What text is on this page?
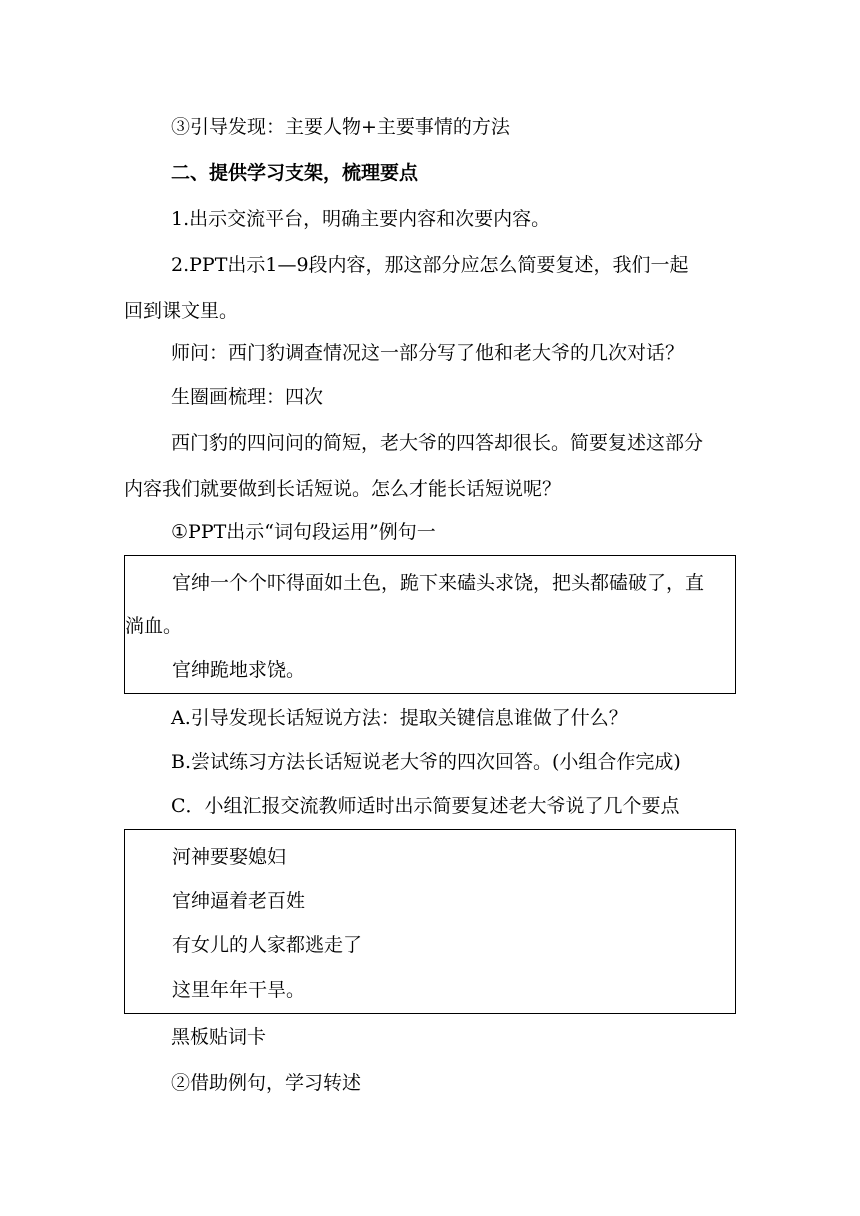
③引导发现：主要人物+主要事情的方法
二、提供学习支架，梳理要点
1.出示交流平台，明确主要内容和次要内容。
2.PPT出示1—9段内容，那这部分应怎么简要复述，我们一起
回到课文里。
师问：西门豹调查情况这一部分写了他和老大爷的几次对话？
生圈画梳理：四次
西门豹的四问问的简短，老大爷的四答却很长。简要复述这部分
内容我们就要做到长话短说。怎么才能长话短说呢？
①PPT出示“词句段运用”例句一
官绅一个个吓得面如土色，跪下来磕头求饶，把头都磕破了，直
淌血。
官绅跪地求饶。
A.引导发现长话短说方法：提取关键信息谁做了什么？
B.尝试练习方法长话短说老大爷的四次回答。(小组合作完成)
C．小组汇报交流教师适时出示简要复述老大爷说了几个要点
河神要娶媳妇
官绅逼着老百姓
有女儿的人家都逃走了
这里年年干旱。
黑板贴词卡
②借助例句，学习转述
